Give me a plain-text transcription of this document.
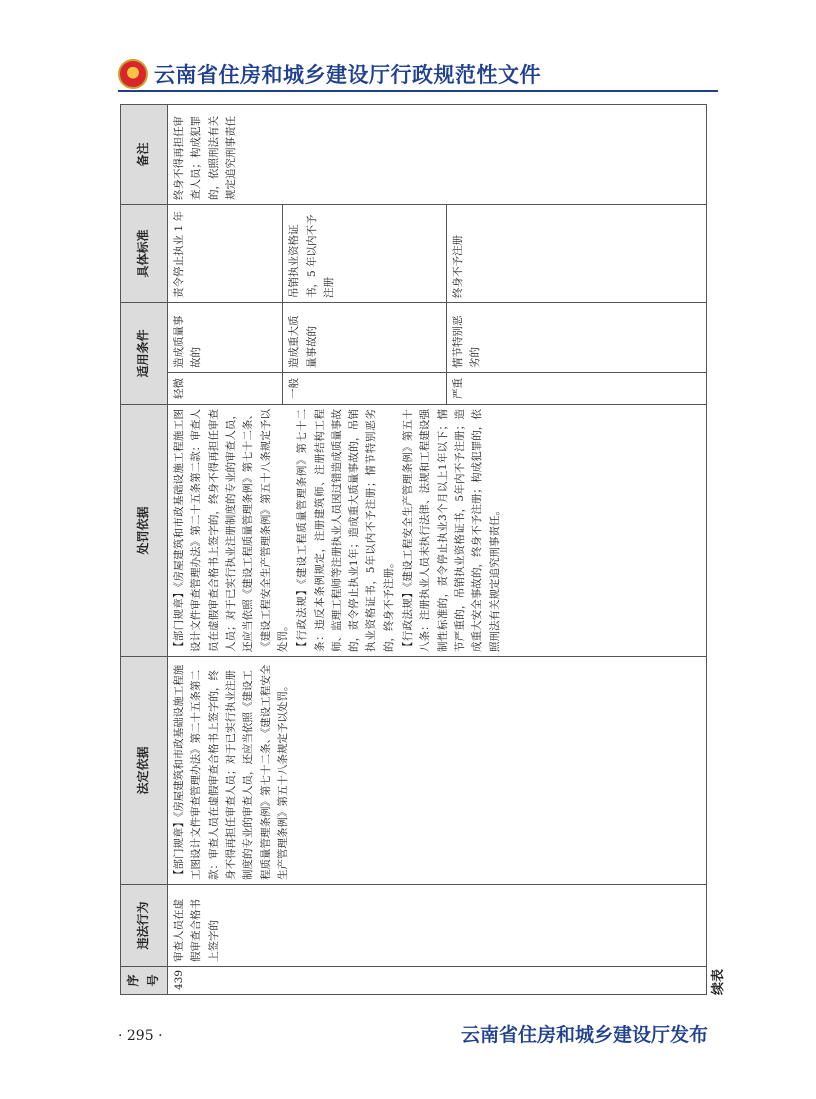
云南省住房和城乡建设厅行政规范性文件
序号	违法行为	法定依据	处罚依据	适用条件		具体标准	备注
439	审查人员在虚假审查合格书上签字的	【部门规章】《房屋建筑和市政基础设施工程施工图设计文件审查管理办法》第二十五条第二款：审查人员在虚假审查合格书上签字的，终身不得再担任审查人员；对于已实行执业注册制度的专业的审查人员，还应当依照《建设工程质量管理条例》第七十二条、《建设工程安全生产管理条例》第五十八条规定予以处罚。	【部门规章】《房屋建筑和市政基础设施工程施工图设计文件审查管理办法》第二十五条第二款：审查人员在虚假审查合格书上签字的，终身不得再担任审查人员；对于已实行执业注册制度的专业的审查人员，还应当依照《建设工程质量管理条例》第七十二条、《建设工程安全生产管理条例》第五十八条规定予以处罚。 【行政法规】《建设工程质量管理条例》第七十二条：违反本条例规定，注册建筑师、注册结构工程师、监理工程师等注册执业人员因过错造成质量事故的，责令停止执业1年；造成重大质量事故的，吊销执业资格证书，5年以内不予注册；情节特别恶劣的，终身不予注册。 【行政法规】《建设工程安全生产管理条例》第五十八条：注册执业人员未执行法律、法规和工程建设强制性标准的，责令停止执业3个月以上1年以下；情节严重的，吊销执业资格证书，5年内不予注册；造成重大安全事故的，终身不予注册；构成犯罪的，依照刑法有关规定追究刑事责任。	轻微	造成质量事故的	责令停止执业 1 年	终身不得再担任审查人员；构成犯罪的，依照刑法有关规定追究刑事责任
				一般	造成重大质量事故的	吊销执业资格证书，5 年以内不予注册	
				严重	情节特别恶劣的	终身不予注册	
续表
· 295 ·	云南省住房和城乡建设厅发布
